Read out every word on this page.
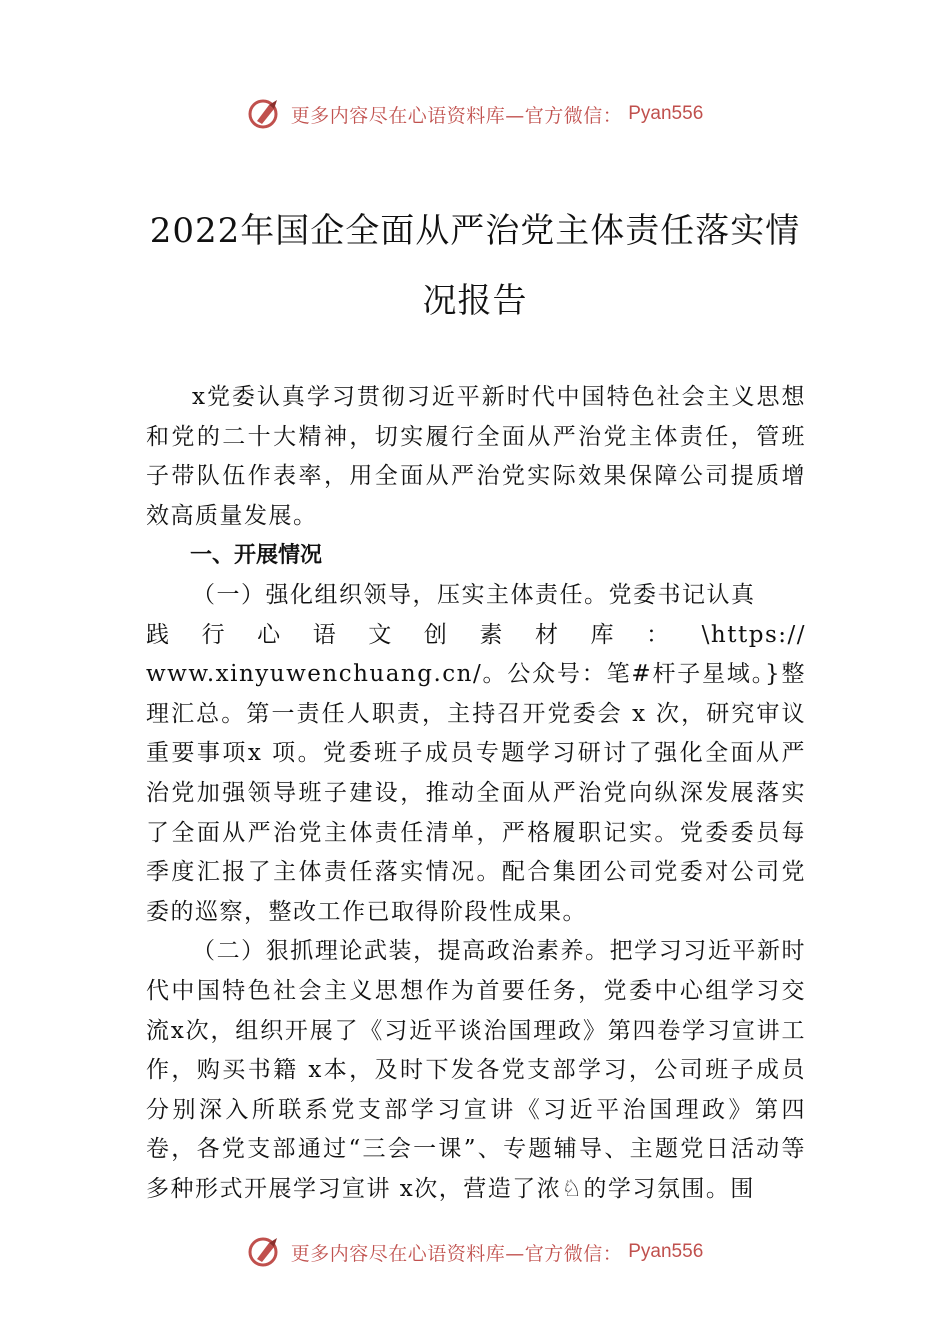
更多内容尽在心语资料库—官方微信： Pyan556
2022年国企全面从严治党主体责任落实情
况报告

x党委认真学习贯彻习近平新时代中国特色社会主义思想和党的二十大精神，切实履行全面从严治党主体责任，管班子带队伍作表率，用全面从严治党实际效果保障公司提质增效高质量发展。

一、开展情况

（一）强化组织领导，压实主体责任。党委书记认真

践行心语文创素材库：\https://

www.xinyuwenchuang.cn/。公众号：笔#杆子星域。}整理汇总。第一责任人职责，主持召开党委会 x 次，研究审议重要事项x 项。党委班子成员专题学习研讨了强化全面从严治党加强领导班子建设，推动全面从严治党向纵深发展落实了全面从严治党主体责任清单，严格履职记实。党委委员每季度汇报了主体责任落实情况。配合集团公司党委对公司党委的巡察，整改工作已取得阶段性成果。

（二）狠抓理论武装，提高政治素养。把学习习近平新时代中国特色社会主义思想作为首要任务，党委中心组学习交流x次，组织开展了《习近平谈治国理政》第四卷学习宣讲工作，购买书籍 x本，及时下发各党支部学习，公司班子成员分别深入所联系党支部学习宣讲《习近平治国理政》第四卷，各党支部通过“三会一课”、专题辅导、主题党日活动等多种形式开展学习宣讲 x次，营造了浓♘的学习氛围。围

更多内容尽在心语资料库—官方微信： Pyan556
